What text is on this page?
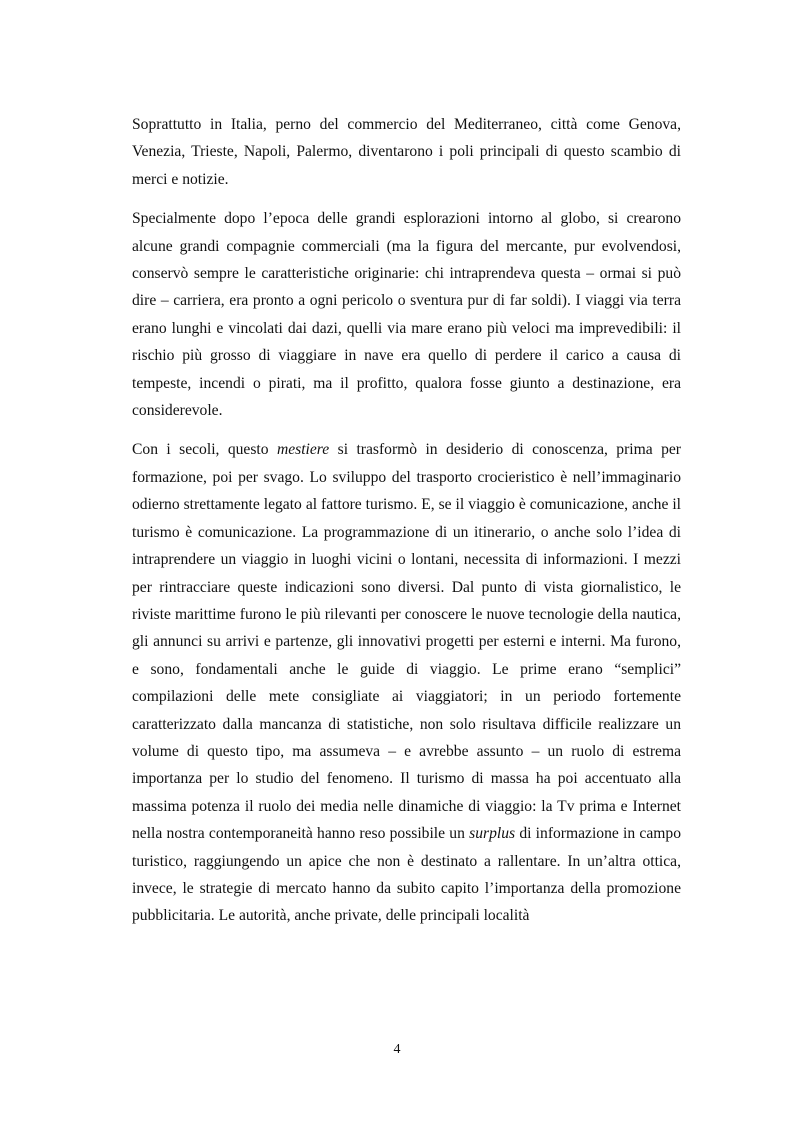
Soprattutto in Italia, perno del commercio del Mediterraneo, città come Genova, Venezia, Trieste, Napoli, Palermo, diventarono i poli principali di questo scambio di merci e notizie.

Specialmente dopo l’epoca delle grandi esplorazioni intorno al globo, si crearono alcune grandi compagnie commerciali (ma la figura del mercante, pur evolvendosi, conservò sempre le caratteristiche originarie: chi intraprendeva questa – ormai si può dire – carriera, era pronto a ogni pericolo o sventura pur di far soldi). I viaggi via terra erano lunghi e vincolati dai dazi, quelli via mare erano più veloci ma imprevedibili: il rischio più grosso di viaggiare in nave era quello di perdere il carico a causa di tempeste, incendi o pirati, ma il profitto, qualora fosse giunto a destinazione, era considerevole.

Con i secoli, questo mestiere si trasformò in desiderio di conoscenza, prima per formazione, poi per svago. Lo sviluppo del trasporto crocieristico è nell’immaginario odierno strettamente legato al fattore turismo. E, se il viaggio è comunicazione, anche il turismo è comunicazione. La programmazione di un itinerario, o anche solo l’idea di intraprendere un viaggio in luoghi vicini o lontani, necessita di informazioni. I mezzi per rintracciare queste indicazioni sono diversi. Dal punto di vista giornalistico, le riviste marittime furono le più rilevanti per conoscere le nuove tecnologie della nautica, gli annunci su arrivi e partenze, gli innovativi progetti per esterni e interni. Ma furono, e sono, fondamentali anche le guide di viaggio. Le prime erano “semplici” compilazioni delle mete consigliate ai viaggiatori; in un periodo fortemente caratterizzato dalla mancanza di statistiche, non solo risultava difficile realizzare un volume di questo tipo, ma assumeva – e avrebbe assunto – un ruolo di estrema importanza per lo studio del fenomeno. Il turismo di massa ha poi accentuato alla massima potenza il ruolo dei media nelle dinamiche di viaggio: la Tv prima e Internet nella nostra contemporaneità hanno reso possibile un surplus di informazione in campo turistico, raggiungendo un apice che non è destinato a rallentare. In un’altra ottica, invece, le strategie di mercato hanno da subito capito l’importanza della promozione pubblicitaria. Le autorità, anche private, delle principali località

4
